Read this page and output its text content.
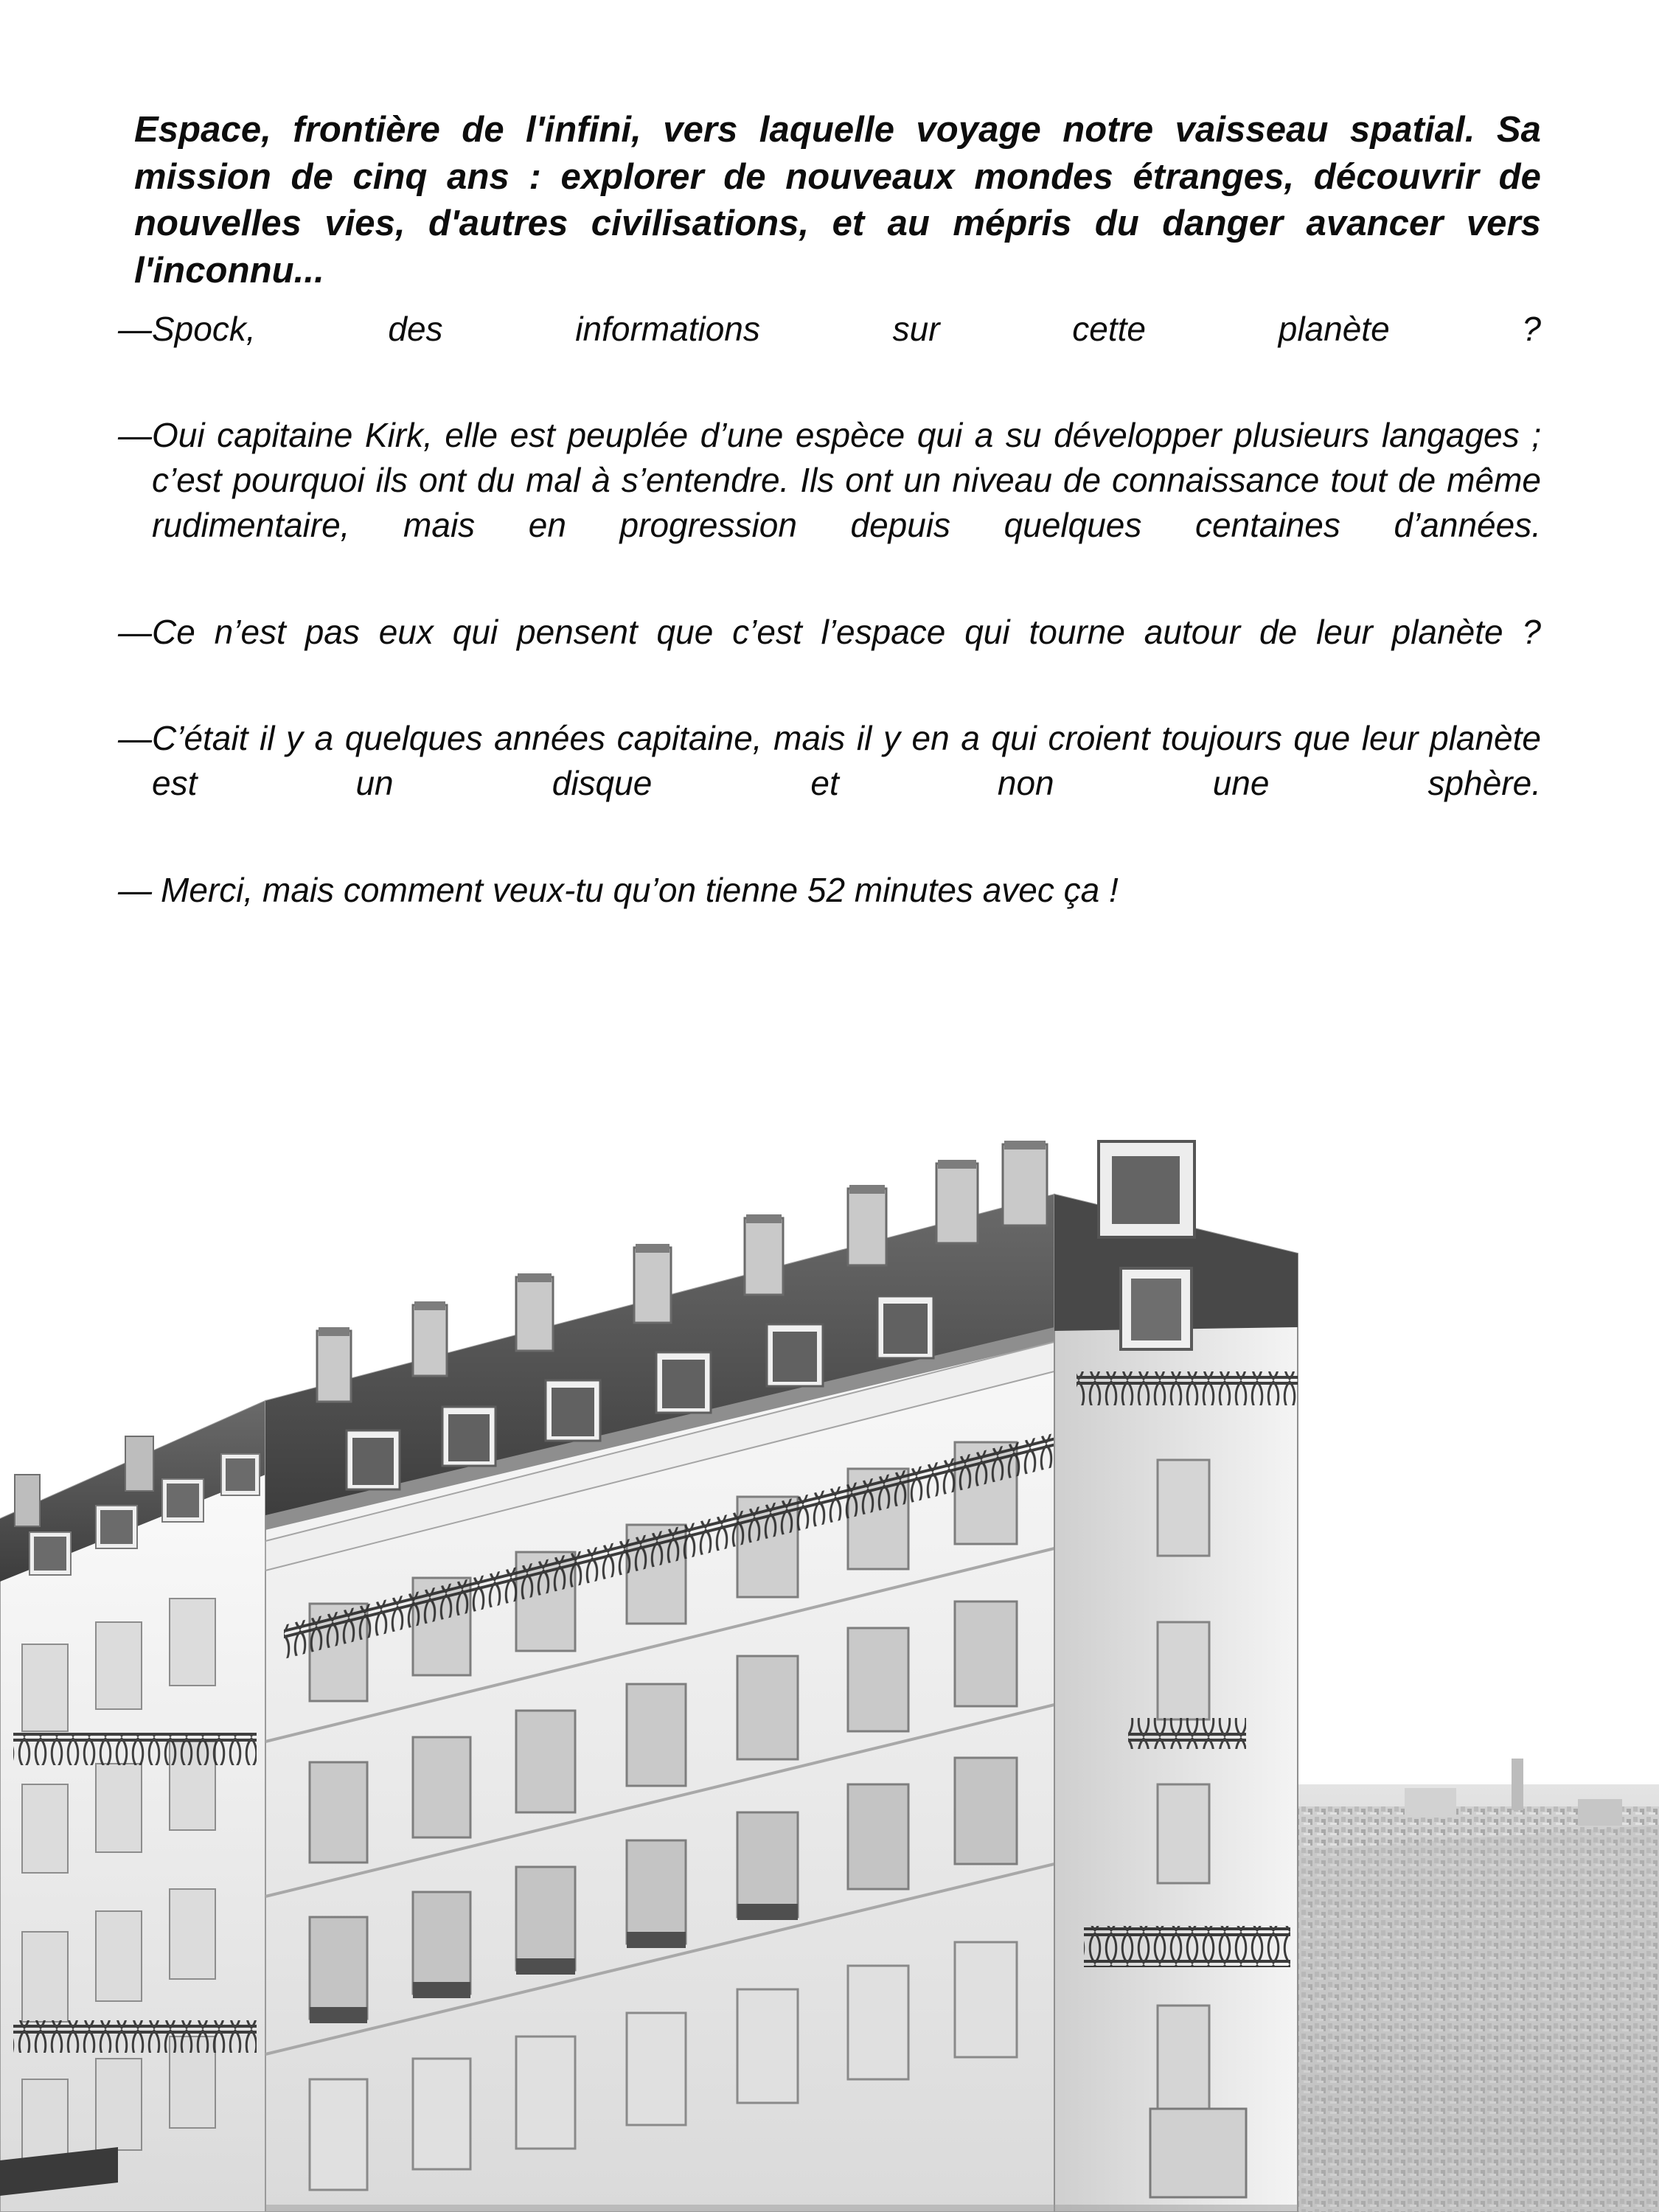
Espace, frontière de l'infini, vers laquelle voyage notre vaisseau spatial. Sa mission de cinq ans : explorer de nouveaux mondes étranges, découvrir de nouvelles vies, d'autres civilisations, et au mépris du danger avancer vers l'inconnu...

— Spock, des informations sur cette planète ?
— Oui capitaine Kirk, elle est peuplée d’une espèce qui a su développer plusieurs langages ; c’est pourquoi ils ont du mal à s’entendre. Ils ont un niveau de connaissance tout de même rudimentaire, mais en progression depuis quelques centaines d’années.
— Ce n’est pas eux qui pensent que c’est l’espace qui tourne autour de leur planète ?
— C’était il y a quelques années capitaine, mais il y en a qui croient toujours que leur planète est un disque et non une sphère.
— Merci, mais comment veux-tu qu’on tienne 52 minutes avec ça !
